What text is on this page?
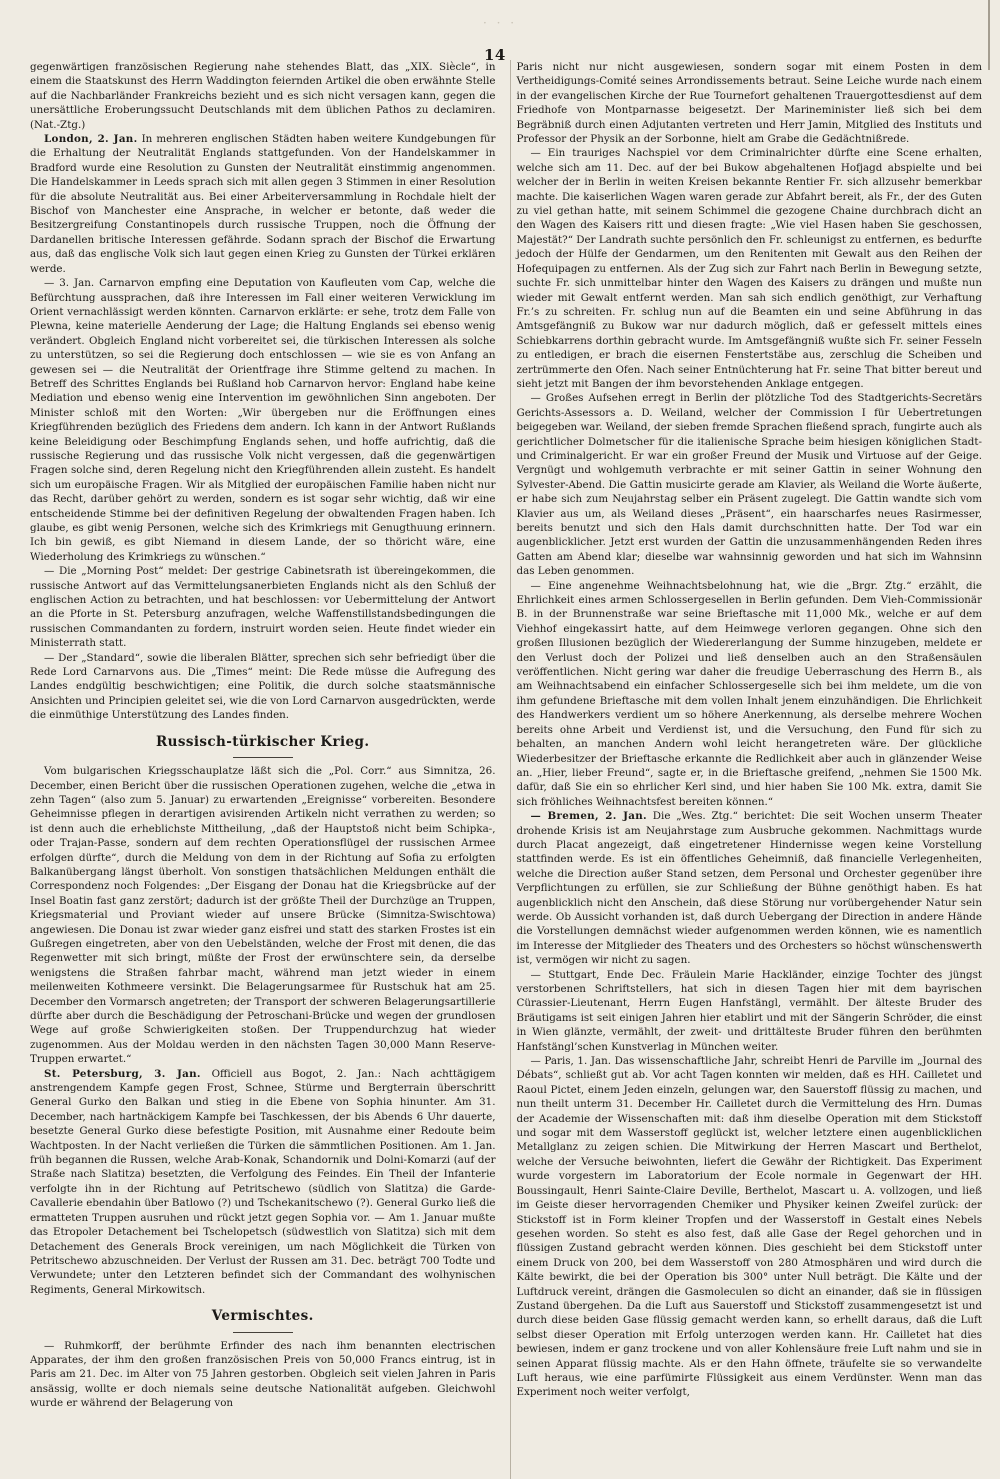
· · ·
14

gegenwärtigen französischen Regierung nahe stehendes Blatt, das „XIX. Siècle“, in einem die Staatskunst des Herrn Waddington feiernden Artikel die oben erwähnte Stelle auf die Nachbarländer Frankreichs bezieht und es sich nicht versagen kann, gegen die unersättliche Eroberungssucht Deutschlands mit dem üblichen Pathos zu declamiren. (Nat.-Ztg.)

London, 2. Jan. In mehreren englischen Städten haben weitere Kundgebungen für die Erhaltung der Neutralität Englands stattgefunden. Von der Handelskammer in Bradford wurde eine Resolution zu Gunsten der Neutralität einstimmig angenommen. Die Handelskammer in Leeds sprach sich mit allen gegen 3 Stimmen in einer Resolution für die absolute Neutralität aus. Bei einer Arbeiterversammlung in Rochdale hielt der Bischof von Manchester eine Ansprache, in welcher er betonte, daß weder die Besitzergreifung Constantinopels durch russische Truppen, noch die Öffnung der Dardanellen britische Interessen gefährde. Sodann sprach der Bischof die Erwartung aus, daß das englische Volk sich laut gegen einen Krieg zu Gunsten der Türkei erklären werde.

— 3. Jan. Carnarvon empfing eine Deputation von Kaufleuten vom Cap, welche die Befürchtung aussprachen, daß ihre Interessen im Fall einer weiteren Verwicklung im Orient vernachlässigt werden könnten. Carnarvon erklärte: er sehe, trotz dem Falle von Plewna, keine materielle Aenderung der Lage; die Haltung Englands sei ebenso wenig verändert. Obgleich England nicht vorbereitet sei, die türkischen Interessen als solche zu unterstützen, so sei die Regierung doch entschlossen — wie sie es von Anfang an gewesen sei — die Neutralität der Orientfrage ihre Stimme geltend zu machen. In Betreff des Schrittes Englands bei Rußland hob Carnarvon hervor: England habe keine Mediation und ebenso wenig eine Intervention im gewöhnlichen Sinn angeboten. Der Minister schloß mit den Worten: „Wir übergeben nur die Eröffnungen eines Kriegführenden bezüglich des Friedens dem andern. Ich kann in der Antwort Rußlands keine Beleidigung oder Beschimpfung Englands sehen, und hoffe aufrichtig, daß die russische Regierung und das russische Volk nicht vergessen, daß die gegenwärtigen Fragen solche sind, deren Regelung nicht den Kriegführenden allein zusteht. Es handelt sich um europäische Fragen. Wir als Mitglied der europäischen Familie haben nicht nur das Recht, darüber gehört zu werden, sondern es ist sogar sehr wichtig, daß wir eine entscheidende Stimme bei der definitiven Regelung der obwaltenden Fragen haben. Ich glaube, es gibt wenig Personen, welche sich des Krimkriegs mit Genugthuung erinnern. Ich bin gewiß, es gibt Niemand in diesem Lande, der so thöricht wäre, eine Wiederholung des Krimkriegs zu wünschen.“

— Die „Morning Post“ meldet: Der gestrige Cabinetsrath ist übereingekommen, die russische Antwort auf das Vermittelungsanerbieten Englands nicht als den Schluß der englischen Action zu betrachten, und hat beschlossen: vor Uebermittelung der Antwort an die Pforte in St. Petersburg anzufragen, welche Waffenstillstandsbedingungen die russischen Commandanten zu fordern, instruirt worden seien. Heute findet wieder ein Ministerrath statt.

— Der „Standard“, sowie die liberalen Blätter, sprechen sich sehr befriedigt über die Rede Lord Carnarvons aus. Die „Times“ meint: Die Rede müsse die Aufregung des Landes endgültig beschwichtigen; eine Politik, die durch solche staatsmännische Ansichten und Principien geleitet sei, wie die von Lord Carnarvon ausgedrückten, werde die einmüthige Unterstützung des Landes finden.

Russisch-türkischer Krieg.

Vom bulgarischen Kriegsschauplatze läßt sich die „Pol. Corr.“ aus Simnitza, 26. December, einen Bericht über die russischen Operationen zugehen, welche die „etwa in zehn Tagen“ (also zum 5. Januar) zu erwartenden „Ereignisse“ vorbereiten. Besondere Geheimnisse pflegen in derartigen avisirenden Artikeln nicht verrathen zu werden; so ist denn auch die erheblichste Mittheilung, „daß der Hauptstoß nicht beim Schipka-, oder Trajan-Passe, sondern auf dem rechten Operationsflügel der russischen Armee erfolgen dürfte“, durch die Meldung von dem in der Richtung auf Sofia zu erfolgten Balkanübergang längst überholt. Von sonstigen thatsächlichen Meldungen enthält die Correspondenz noch Folgendes: „Der Eisgang der Donau hat die Kriegsbrücke auf der Insel Boatin fast ganz zerstört; dadurch ist der größte Theil der Durchzüge an Truppen, Kriegsmaterial und Proviant wieder auf unsere Brücke (Simnitza-Swischtowa) angewiesen. Die Donau ist zwar wieder ganz eisfrei und statt des starken Frostes ist ein Gußregen eingetreten, aber von den Uebelständen, welche der Frost mit denen, die das Regenwetter mit sich bringt, müßte der Frost der erwünschtere sein, da derselbe wenigstens die Straßen fahrbar macht, während man jetzt wieder in einem meilenweiten Kothmeere versinkt. Die Belagerungsarmee für Rustschuk hat am 25. December den Vormarsch angetreten; der Transport der schweren Belagerungsartillerie dürfte aber durch die Beschädigung der Petroschani-Brücke und wegen der grundlosen Wege auf große Schwierigkeiten stoßen. Der Truppendurchzug hat wieder zugenommen. Aus der Moldau werden in den nächsten Tagen 30,000 Mann Reserve-Truppen erwartet.“

St. Petersburg, 3. Jan. Officiell aus Bogot, 2. Jan.: Nach achttägigem anstrengendem Kampfe gegen Frost, Schnee, Stürme und Bergterrain überschritt General Gurko den Balkan und stieg in die Ebene von Sophia hinunter. Am 31. December, nach hartnäckigem Kampfe bei Taschkessen, der bis Abends 6 Uhr dauerte, besetzte General Gurko diese befestigte Position, mit Ausnahme einer Redoute beim Wachtposten. In der Nacht verließen die Türken die sämmtlichen Positionen. Am 1. Jan. früh begannen die Russen, welche Arab-Konak, Schandornik und Dolni-Komarzi (auf der Straße nach Slatitza) besetzten, die Verfolgung des Feindes. Ein Theil der Infanterie verfolgte ihn in der Richtung auf Petritschewo (südlich von Slatitza) die Garde-Cavallerie ebendahin über Batlowo (?) und Tschekanitschewo (?). General Gurko ließ die ermatteten Truppen ausruhen und rückt jetzt gegen Sophia vor. — Am 1. Januar mußte das Etropoler Detachement bei Tschelopetsch (südwestlich von Slatitza) sich mit dem Detachement des Generals Brock vereinigen, um nach Möglichkeit die Türken von Petritschewo abzuschneiden. Der Verlust der Russen am 31. Dec. beträgt 700 Todte und Verwundete; unter den Letzteren befindet sich der Commandant des wolhynischen Regiments, General Mirkowitsch.

Vermischtes.

— Ruhmkorff, der berühmte Erfinder des nach ihm benannten electrischen Apparates, der ihm den großen französischen Preis von 50,000 Francs eintrug, ist in Paris am 21. Dec. im Alter von 75 Jahren gestorben. Obgleich seit vielen Jahren in Paris ansässig, wollte er doch niemals seine deutsche Nationalität aufgeben. Gleichwohl wurde er während der Belagerung von

Paris nicht nur nicht ausgewiesen, sondern sogar mit einem Posten in dem Vertheidigungs-Comité seines Arrondissements betraut. Seine Leiche wurde nach einem in der evangelischen Kirche der Rue Tournefort gehaltenen Trauergottesdienst auf dem Friedhofe von Montparnasse beigesetzt. Der Marineminister ließ sich bei dem Begräbniß durch einen Adjutanten vertreten und Herr Jamin, Mitglied des Instituts und Professor der Physik an der Sorbonne, hielt am Grabe die Gedächtnißrede.

— Ein trauriges Nachspiel vor dem Criminalrichter dürfte eine Scene erhalten, welche sich am 11. Dec. auf der bei Bukow abgehaltenen Hofjagd abspielte und bei welcher der in Berlin in weiten Kreisen bekannte Rentier Fr. sich allzusehr bemerkbar machte. Die kaiserlichen Wagen waren gerade zur Abfahrt bereit, als Fr., der des Guten zu viel gethan hatte, mit seinem Schimmel die gezogene Chaine durchbrach dicht an den Wagen des Kaisers ritt und diesen fragte: „Wie viel Hasen haben Sie geschossen, Majestät?“ Der Landrath suchte persönlich den Fr. schleunigst zu entfernen, es bedurfte jedoch der Hülfe der Gendarmen, um den Renitenten mit Gewalt aus den Reihen der Hofequipagen zu entfernen. Als der Zug sich zur Fahrt nach Berlin in Bewegung setzte, suchte Fr. sich unmittelbar hinter den Wagen des Kaisers zu drängen und mußte nun wieder mit Gewalt entfernt werden. Man sah sich endlich genöthigt, zur Verhaftung Fr.’s zu schreiten. Fr. schlug nun auf die Beamten ein und seine Abführung in das Amtsgefängniß zu Bukow war nur dadurch möglich, daß er gefesselt mittels eines Schiebkarrens dorthin gebracht wurde. Im Amtsgefängniß wußte sich Fr. seiner Fesseln zu entledigen, er brach die eisernen Fenstertstäbe aus, zerschlug die Scheiben und zertrümmerte den Ofen. Nach seiner Entnüchterung hat Fr. seine That bitter bereut und sieht jetzt mit Bangen der ihm bevorstehenden Anklage entgegen.

— Großes Aufsehen erregt in Berlin der plötzliche Tod des Stadtgerichts-Secretärs Gerichts-Assessors a. D. Weiland, welcher der Commission I für Uebertretungen beigegeben war. Weiland, der sieben fremde Sprachen fließend sprach, fungirte auch als gerichtlicher Dolmetscher für die italienische Sprache beim hiesigen königlichen Stadt- und Criminalgericht. Er war ein großer Freund der Musik und Virtuose auf der Geige. Vergnügt und wohlgemuth verbrachte er mit seiner Gattin in seiner Wohnung den Sylvester-Abend. Die Gattin musicirte gerade am Klavier, als Weiland die Worte äußerte, er habe sich zum Neujahrstag selber ein Präsent zugelegt. Die Gattin wandte sich vom Klavier aus um, als Weiland dieses „Präsent“, ein haarscharfes neues Rasirmesser, bereits benutzt und sich den Hals damit durchschnitten hatte. Der Tod war ein augenblicklicher. Jetzt erst wurden der Gattin die unzusammenhängenden Reden ihres Gatten am Abend klar; dieselbe war wahnsinnig geworden und hat sich im Wahnsinn das Leben genommen.

— Eine angenehme Weihnachtsbelohnung hat, wie die „Brgr. Ztg.“ erzählt, die Ehrlichkeit eines armen Schlossergesellen in Berlin gefunden. Dem Vieh-Commissionär B. in der Brunnenstraße war seine Brieftasche mit 11,000 Mk., welche er auf dem Viehhof eingekassirt hatte, auf dem Heimwege verloren gegangen. Ohne sich den großen Illusionen bezüglich der Wiedererlangung der Summe hinzugeben, meldete er den Verlust doch der Polizei und ließ denselben auch an den Straßensäulen veröffentlichen. Nicht gering war daher die freudige Ueberraschung des Herrn B., als am Weihnachtsabend ein einfacher Schlossergeselle sich bei ihm meldete, um die von ihm gefundene Brieftasche mit dem vollen Inhalt jenem einzuhändigen. Die Ehrlichkeit des Handwerkers verdient um so höhere Anerkennung, als derselbe mehrere Wochen bereits ohne Arbeit und Verdienst ist, und die Versuchung, den Fund für sich zu behalten, an manchen Andern wohl leicht herangetreten wäre. Der glückliche Wiederbesitzer der Brieftasche erkannte die Redlichkeit aber auch in glänzender Weise an. „Hier, lieber Freund“, sagte er, in die Brieftasche greifend, „nehmen Sie 1500 Mk. dafür, daß Sie ein so ehrlicher Kerl sind, und hier haben Sie 100 Mk. extra, damit Sie sich fröhliches Weihnachtsfest bereiten können.“

— Bremen, 2. Jan. Die „Wes. Ztg.“ berichtet: Die seit Wochen unserm Theater drohende Krisis ist am Neujahrstage zum Ausbruche gekommen. Nachmittags wurde durch Placat angezeigt, daß eingetretener Hindernisse wegen keine Vorstellung stattfinden werde. Es ist ein öffentliches Geheimniß, daß financielle Verlegenheiten, welche die Direction außer Stand setzen, dem Personal und Orchester gegenüber ihre Verpflichtungen zu erfüllen, sie zur Schließung der Bühne genöthigt haben. Es hat augenblicklich nicht den Anschein, daß diese Störung nur vorübergehender Natur sein werde. Ob Aussicht vorhanden ist, daß durch Uebergang der Direction in andere Hände die Vorstellungen demnächst wieder aufgenommen werden können, wie es namentlich im Interesse der Mitglieder des Theaters und des Orchesters so höchst wünschenswerth ist, vermögen wir nicht zu sagen.

— Stuttgart, Ende Dec. Fräulein Marie Hackländer, einzige Tochter des jüngst verstorbenen Schriftstellers, hat sich in diesen Tagen hier mit dem bayrischen Cürassier-Lieutenant, Herrn Eugen Hanfstängl, vermählt. Der älteste Bruder des Bräutigams ist seit einigen Jahren hier etablirt und mit der Sängerin Schröder, die einst in Wien glänzte, vermählt, der zweit- und drittälteste Bruder führen den berühmten Hanfstängl’schen Kunstverlag in München weiter.

— Paris, 1. Jan. Das wissenschaftliche Jahr, schreibt Henri de Parville im „Journal des Débats“, schließt gut ab. Vor acht Tagen konnten wir melden, daß es HH. Cailletet und Raoul Pictet, einem Jeden einzeln, gelungen war, den Sauerstoff flüssig zu machen, und nun theilt unterm 31. December Hr. Cailletet durch die Vermittelung des Hrn. Dumas der Academie der Wissenschaften mit: daß ihm dieselbe Operation mit dem Stickstoff und sogar mit dem Wasserstoff geglückt ist, welcher letztere einen augenblicklichen Metallglanz zu zeigen schien. Die Mitwirkung der Herren Mascart und Berthelot, welche der Versuche beiwohnten, liefert die Gewähr der Richtigkeit. Das Experiment wurde vorgestern im Laboratorium der Ecole normale in Gegenwart der HH. Boussingault, Henri Sainte-Claire Deville, Berthelot, Mascart u. A. vollzogen, und ließ im Geiste dieser hervorragenden Chemiker und Physiker keinen Zweifel zurück: der Stickstoff ist in Form kleiner Tropfen und der Wasserstoff in Gestalt eines Nebels gesehen worden. So steht es also fest, daß alle Gase der Regel gehorchen und in flüssigen Zustand gebracht werden können. Dies geschieht bei dem Stickstoff unter einem Druck von 200, bei dem Wasserstoff von 280 Atmosphären und wird durch die Kälte bewirkt, die bei der Operation bis 300° unter Null beträgt. Die Kälte und der Luftdruck vereint, drängen die Gasmoleculen so dicht an einander, daß sie in flüssigen Zustand übergehen. Da die Luft aus Sauerstoff und Stickstoff zusammengesetzt ist und durch diese beiden Gase flüssig gemacht werden kann, so erhellt daraus, daß die Luft selbst dieser Operation mit Erfolg unterzogen werden kann. Hr. Cailletet hat dies bewiesen, indem er ganz trockene und von aller Kohlensäure freie Luft nahm und sie in seinen Apparat flüssig machte. Als er den Hahn öffnete, träufelte sie so verwandelte Luft heraus, wie eine parfümirte Flüssigkeit aus einem Verdünster. Wenn man das Experiment noch weiter verfolgt,
